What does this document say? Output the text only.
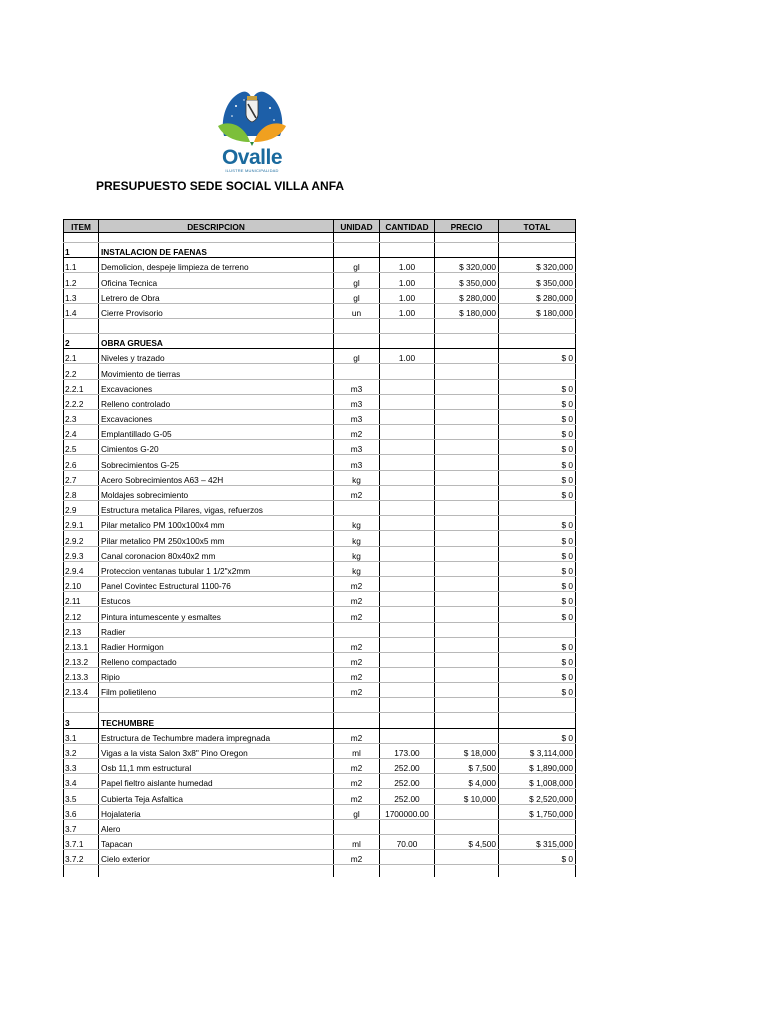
Ovalle
ILUSTRE MUNICIPALIDAD
PRESUPUESTO SEDE SOCIAL VILLA ANFA
ITEM	DESCRIPCION	UNIDAD	CANTIDAD	PRECIO	TOTAL

1	INSTALACION DE FAENAS				
1.1	Demolicion, despeje limpieza de terreno	gl	1.00	$ 320,000	$ 320,000
1.2	Oficina Tecnica	gl	1.00	$ 350,000	$ 350,000
1.3	Letrero de Obra	gl	1.00	$ 280,000	$ 280,000
1.4	Cierre Provisorio	un	1.00	$ 180,000	$ 180,000

2	OBRA GRUESA				
2.1	Niveles y trazado	gl	1.00		$ 0
2.2	Movimiento de tierras				
2.2.1	Excavaciones	m3			$ 0
2.2.2	Relleno controlado	m3			$ 0
2.3	Excavaciones	m3			$ 0
2.4	Emplantillado G-05	m2			$ 0
2.5	Cimientos G-20	m3			$ 0
2.6	Sobrecimientos G-25	m3			$ 0
2.7	Acero Sobrecimientos A63 – 42H	kg			$ 0
2.8	Moldajes sobrecimiento	m2			$ 0
2.9	Estructura metalica Pilares, vigas, refuerzos				
2.9.1	Pilar metalico PM 100x100x4 mm	kg			$ 0
2.9.2	Pilar metalico PM 250x100x5 mm	kg			$ 0
2.9.3	Canal coronacion 80x40x2 mm	kg			$ 0
2.9.4	Proteccion ventanas tubular 1 1/2"x2mm	kg			$ 0
2.10	Panel Covintec Estructural 1100-76	m2			$ 0
2.11	Estucos	m2			$ 0
2.12	Pintura intumescente y esmaltes	m2			$ 0
2.13	Radier				
2.13.1	Radier Hormigon	m2			$ 0
2.13.2	Relleno compactado	m2			$ 0
2.13.3	Ripio	m2			$ 0
2.13.4	Film polietileno	m2			$ 0

3	TECHUMBRE				
3.1	Estructura de Techumbre madera impregnada	m2			$ 0
3.2	Vigas a la vista Salon 3x8" Pino Oregon	ml	173.00	$ 18,000	$ 3,114,000
3.3	Osb 11,1 mm estructural	m2	252.00	$ 7,500	$ 1,890,000
3.4	Papel fieltro aislante humedad	m2	252.00	$ 4,000	$ 1,008,000
3.5	Cubierta Teja Asfaltica	m2	252.00	$ 10,000	$ 2,520,000
3.6	Hojalateria	gl	1700000.00		$ 1,750,000
3.7	Alero				
3.7.1	Tapacan	ml	70.00	$ 4,500	$ 315,000
3.7.2	Cielo exterior	m2			$ 0
